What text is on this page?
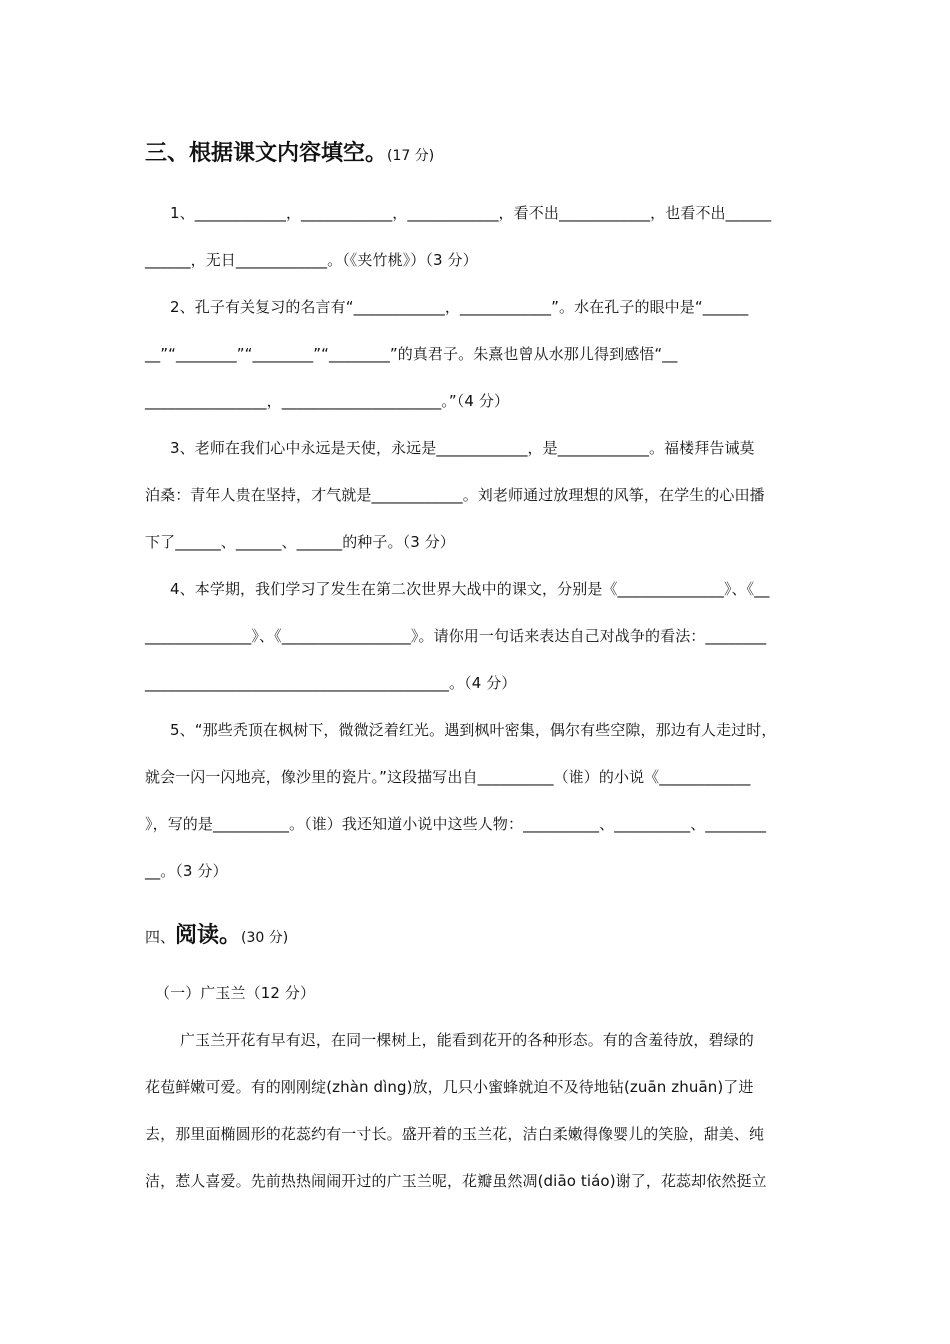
三、根据课文内容填空。(17 分)
1、____________，____________，____________，看不出____________，也看不出______
______，无日____________。（《夹竹桃》）（3 分）
2、孔子有关复习的名言有“____________，____________”。水在孔子的眼中是“______
__”“________”“________”“________”的真君子。朱熹也曾从水那儿得到感悟“__
________________，_____________________。”（4 分）
3、老师在我们心中永远是天使，永远是____________，是____________。福楼拜告诫莫
泊桑：青年人贵在坚持，才气就是____________。刘老师通过放理想的风筝，在学生的心田播
下了______、______、______的种子。（3 分）
4、本学期，我们学习了发生在第二次世界大战中的课文，分别是《______________》、《__
______________》、《_________________》。请你用一句话来表达自己对战争的看法：________
________________________________________。（4 分）
5、“那些秃顶在枫树下，微微泛着红光。遇到枫叶密集，偶尔有些空隙，那边有人走过时，
就会一闪一闪地亮，像沙里的瓷片。”这段描写出自__________（谁）的小说《____________
》，写的是__________。（谁）我还知道小说中这些人物：__________、__________、________
__。（3 分）
四、阅读。(30 分)
（一）广玉兰（12 分）
广玉兰开花有早有迟，在同一棵树上，能看到花开的各种形态。有的含羞待放，碧绿的
花苞鲜嫩可爱。有的刚刚绽(zhàn dìng)放，几只小蜜蜂就迫不及待地钻(zuān zhuān)了进
去，那里面椭圆形的花蕊约有一寸长。盛开着的玉兰花，洁白柔嫩得像婴儿的笑脸，甜美、纯
洁，惹人喜爱。先前热热闹闹开过的广玉兰呢，花瓣虽然凋(diāo tiáo)谢了，花蕊却依然挺立
